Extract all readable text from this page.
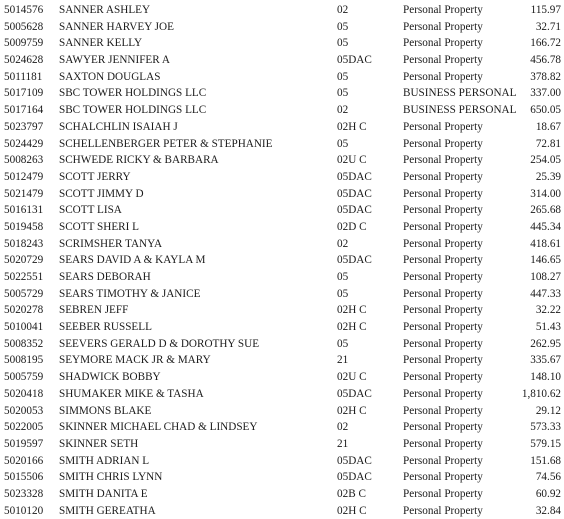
5014576 SANNER ASHLEY	02	Personal Property	115.97
5005628 SANNER HARVEY JOE	05	Personal Property	32.71
5009759 SANNER KELLY	05	Personal Property	166.72
5024628 SAWYER JENNIFER A	05DAC	Personal Property	456.78
5011181 SAXTON DOUGLAS	05	Personal Property	378.82
5017109 SBC TOWER HOLDINGS LLC	05	BUSINESS PERSONAL 337.00
5017164 SBC TOWER HOLDINGS LLC	02	BUSINESS PERSONAL 650.05
5023797 SCHALCHLIN ISAIAH J	02H C	Personal Property	18.67
5024429 SCHELLENBERGER PETER & STEPHANIE	05	Personal Property	72.81
5008263 SCHWEDE RICKY & BARBARA	02U C	Personal Property	254.05
5012479 SCOTT JERRY	05DAC	Personal Property	25.39
5021479 SCOTT JIMMY D	05DAC	Personal Property	314.00
5016131 SCOTT LISA	05DAC	Personal Property	265.68
5019458 SCOTT SHERI L	02D C	Personal Property	445.34
5018243 SCRIMSHER TANYA	02	Personal Property	418.61
5020729 SEARS DAVID A & KAYLA M	05DAC	Personal Property	146.65
5022551 SEARS DEBORAH	05	Personal Property	108.27
5005729 SEARS TIMOTHY & JANICE	05	Personal Property	447.33
5020278 SEBREN JEFF	02H C	Personal Property	32.22
5010041 SEEBER RUSSELL	02H C	Personal Property	51.43
5008352 SEEVERS GERALD D & DOROTHY SUE	05	Personal Property	262.95
5008195 SEYMORE MACK JR & MARY	21	Personal Property	335.67
5005759 SHADWICK BOBBY	02U C	Personal Property	148.10
5020418 SHUMAKER MIKE & TASHA	05DAC	Personal Property	1,810.62
5020053 SIMMONS BLAKE	02H C	Personal Property	29.12
5022005 SKINNER MICHAEL CHAD & LINDSEY	02	Personal Property	573.33
5019597 SKINNER SETH	21	Personal Property	579.15
5020166 SMITH ADRIAN L	05DAC	Personal Property	151.68
5015506 SMITH CHRIS LYNN	05DAC	Personal Property	74.56
5023328 SMITH DANITA E	02B C	Personal Property	60.92
5010120 SMITH GEREATHA	02H C	Personal Property	32.84
